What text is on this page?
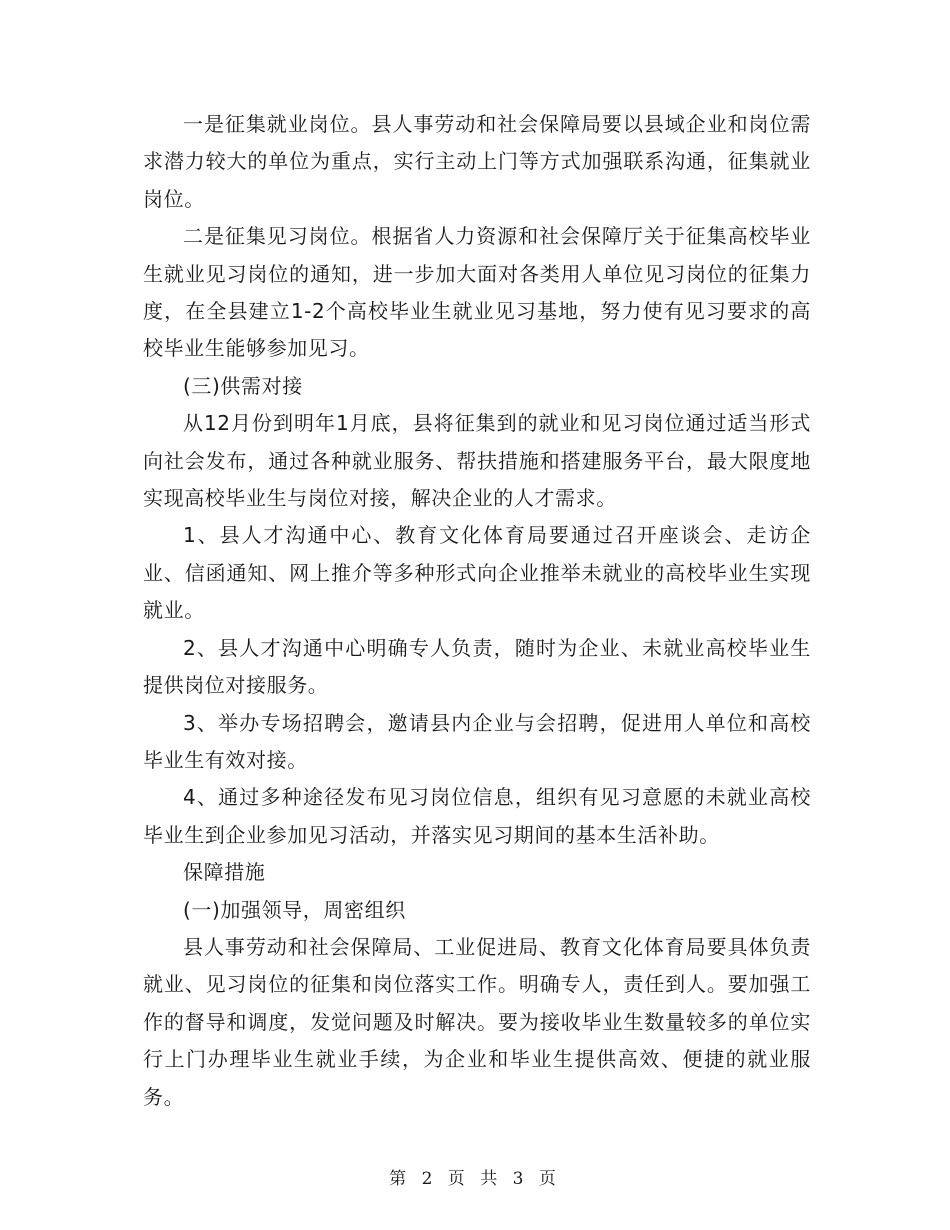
一是征集就业岗位。县人事劳动和社会保障局要以县域企业和岗位需求潜力较大的单位为重点，实行主动上门等方式加强联系沟通，征集就业岗位。

二是征集见习岗位。根据省人力资源和社会保障厅关于征集高校毕业生就业见习岗位的通知，进一步加大面对各类用人单位见习岗位的征集力度，在全县建立1-2个高校毕业生就业见习基地，努力使有见习要求的高校毕业生能够参加见习。

(三)供需对接

从12月份到明年1月底，县将征集到的就业和见习岗位通过适当形式向社会发布，通过各种就业服务、帮扶措施和搭建服务平台，最大限度地实现高校毕业生与岗位对接，解决企业的人才需求。

1、县人才沟通中心、教育文化体育局要通过召开座谈会、走访企业、信函通知、网上推介等多种形式向企业推举未就业的高校毕业生实现就业。

2、县人才沟通中心明确专人负责，随时为企业、未就业高校毕业生提供岗位对接服务。

3、举办专场招聘会，邀请县内企业与会招聘，促进用人单位和高校毕业生有效对接。

4、通过多种途径发布见习岗位信息，组织有见习意愿的未就业高校毕业生到企业参加见习活动，并落实见习期间的基本生活补助。

保障措施

(一)加强领导，周密组织

县人事劳动和社会保障局、工业促进局、教育文化体育局要具体负责就业、见习岗位的征集和岗位落实工作。明确专人，责任到人。要加强工作的督导和调度，发觉问题及时解决。要为接收毕业生数量较多的单位实行上门办理毕业生就业手续，为企业和毕业生提供高效、便捷的就业服务。

第 2 页 共 3 页
